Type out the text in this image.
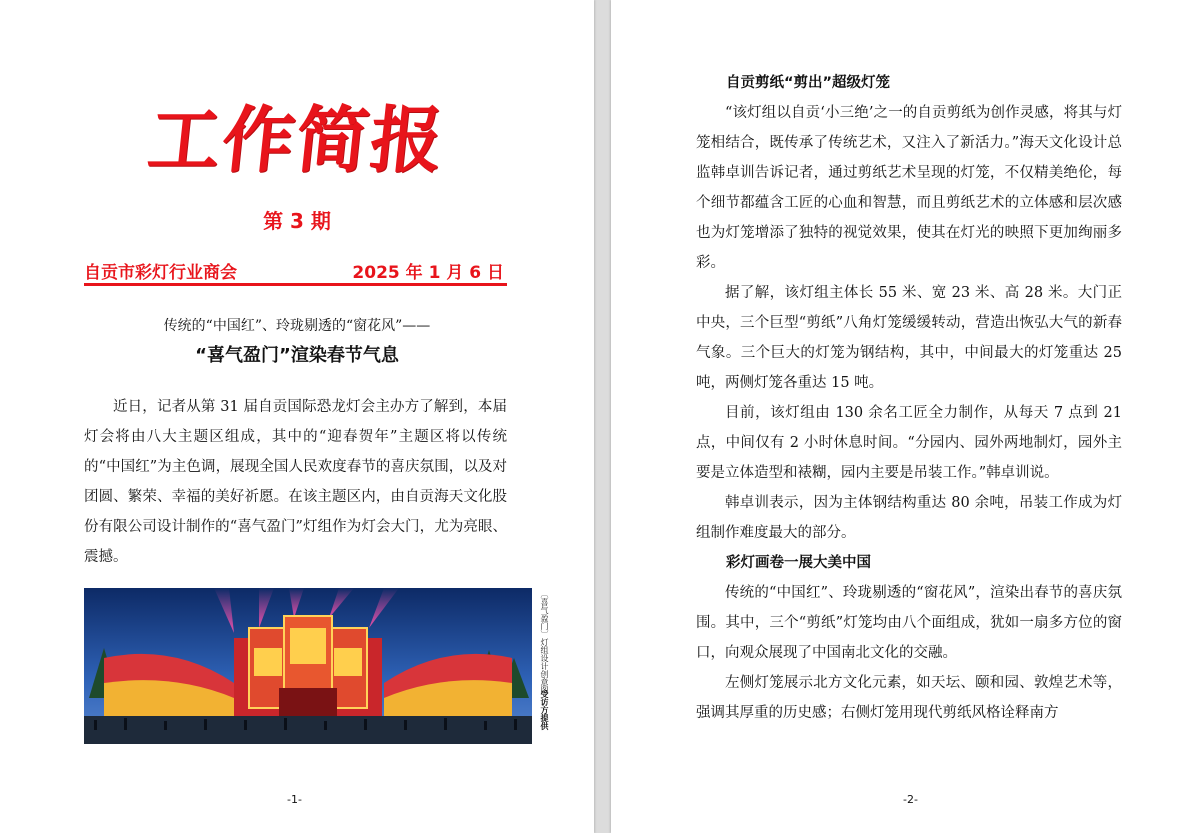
工作简报
第 3 期
自贡市彩灯行业商会	2025 年 1 月 6 日
传统的“中国红”、玲珑剔透的“窗花风”——
“喜气盈门”渲染春节气息

近日，记者从第 31 届自贡国际恐龙灯会主办方了解到，本届灯会将由八大主题区组成，其中的“迎春贺年”主题区将以传统的“中国红”为主色调，展现全国人民欢度春节的喜庆氛围，以及对团圆、繁荣、幸福的美好祈愿。在该主题区内，由自贡海天文化股份有限公司设计制作的“喜气盈门”灯组作为灯会大门，尤为亮眼、震撼。

〔喜气盈门〕灯组设计创意图
受访方提供
-1-
自贡剪纸“剪出”超级灯笼

“该灯组以自贡‘小三绝’之一的自贡剪纸为创作灵感，将其与灯笼相结合，既传承了传统艺术，又注入了新活力。”海天文化设计总监韩卓训告诉记者，通过剪纸艺术呈现的灯笼，不仅精美绝伦，每个细节都蕴含工匠的心血和智慧，而且剪纸艺术的立体感和层次感也为灯笼增添了独特的视觉效果，使其在灯光的映照下更加绚丽多彩。

据了解，该灯组主体长 55 米、宽 23 米、高 28 米。大门正中央，三个巨型“剪纸”八角灯笼缓缓转动，营造出恢弘大气的新春气象。三个巨大的灯笼为钢结构，其中，中间最大的灯笼重达 25 吨，两侧灯笼各重达 15 吨。

目前，该灯组由 130 余名工匠全力制作，从每天 7 点到 21 点，中间仅有 2 小时休息时间。“分园内、园外两地制灯，园外主要是立体造型和裱糊，园内主要是吊装工作。”韩卓训说。

韩卓训表示，因为主体钢结构重达 80 余吨，吊装工作成为灯组制作难度最大的部分。

彩灯画卷一展大美中国

传统的“中国红”、玲珑剔透的“窗花风”，渲染出春节的喜庆氛围。其中，三个“剪纸”灯笼均由八个面组成，犹如一扇多方位的窗口，向观众展现了中国南北文化的交融。

左侧灯笼展示北方文化元素，如天坛、颐和园、敦煌艺术等，强调其厚重的历史感；右侧灯笼用现代剪纸风格诠释南方

-2-
